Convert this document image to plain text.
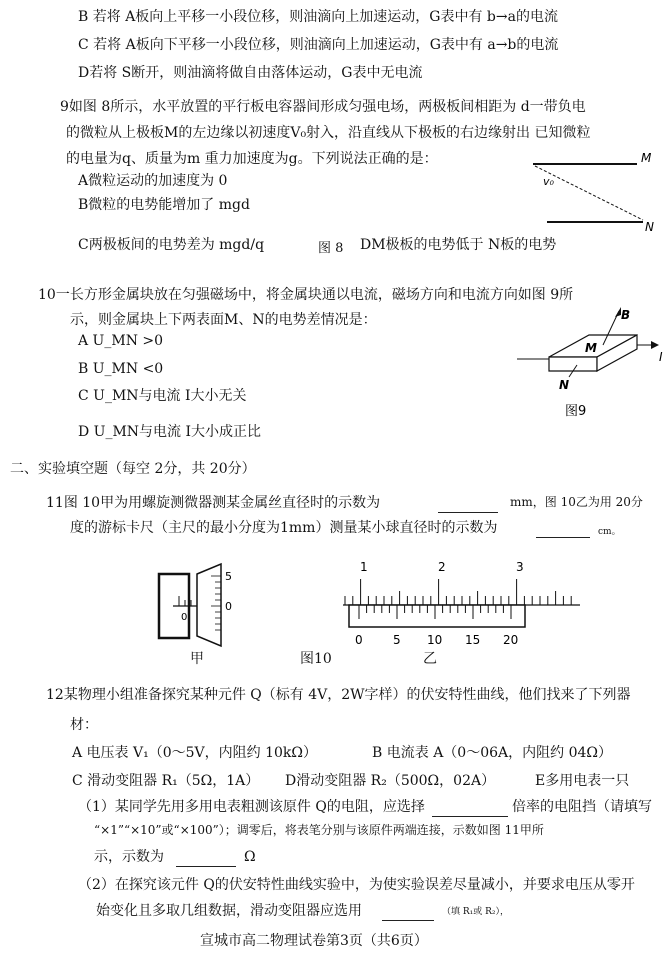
B 若将 A板向上平移一小段位移，则油滴向上加速运动，G表中有 b→a的电流
C 若将 A板向下平移一小段位移，则油滴向上加速运动，G表中有 a→b的电流
D若将 S断开，则油滴将做自由落体运动，G表中无电流
9如图 8所示，水平放置的平行板电容器间形成匀强电场，两极板间相距为 d一带负电
的微粒从上极板M的左边缘以初速度V₀射入，沿直线从下极板的右边缘射出 已知微粒
的电量为q、质量为m 重力加速度为g。下列说法正确的是：
A微粒运动的加速度为 0
B微粒的电势能增加了 mgd
C两极板间的电势差为 mgd/q	图 8 DM极板的电势低于 N板的电势
M
N
v₀
10一长方形金属块放在匀强磁场中，将金属块通以电流，磁场方向和电流方向如图 9所
示，则金属块上下两表面M、N的电势差情况是：
A U_MN >0
B U_MN <0
C U_MN与电流 I大小无关
D U_MN与电流 I大小成正比
B
I
M
N
图9
二、实验填空题（每空 2分，共 20分）
11图 10甲为用螺旋测微器测某金属丝直径时的示数为	mm，图 10乙为用 20分
度的游标卡尺（主尺的最小分度为1mm）测量某小球直径时的示数为	cm。
5
0
0
甲	图10	乙
1	2	3
0	5 10 15 20
12某物理小组准备探究某种元件 Q（标有 4V，2W字样）的伏安特性曲线，他们找来了下列器
材：
A 电压表 V₁（0～5V，内阻约 10kΩ）	B 电流表 A（0～06A，内阻约 04Ω）
C 滑动变阻器 R₁（5Ω，1A） D滑动变阻器 R₂（500Ω，02A）	E多用电表一只
（1）某同学先用多用电表粗测该原件 Q的电阻，应选择	倍率的电阻挡（请填写
“×1”“×10”或“×100”）；调零后，将表笔分别与该原件两端连接，示数如图 11甲所
示，示数为	Ω
（2）在探究该元件 Q的伏安特性曲线实验中，为使实验误差尽量减小，并要求电压从零开
始变化且多取几组数据，滑动变阻器应选用	（填 R₁或 R₂），
宣城市高二物理试卷第3页（共6页）
